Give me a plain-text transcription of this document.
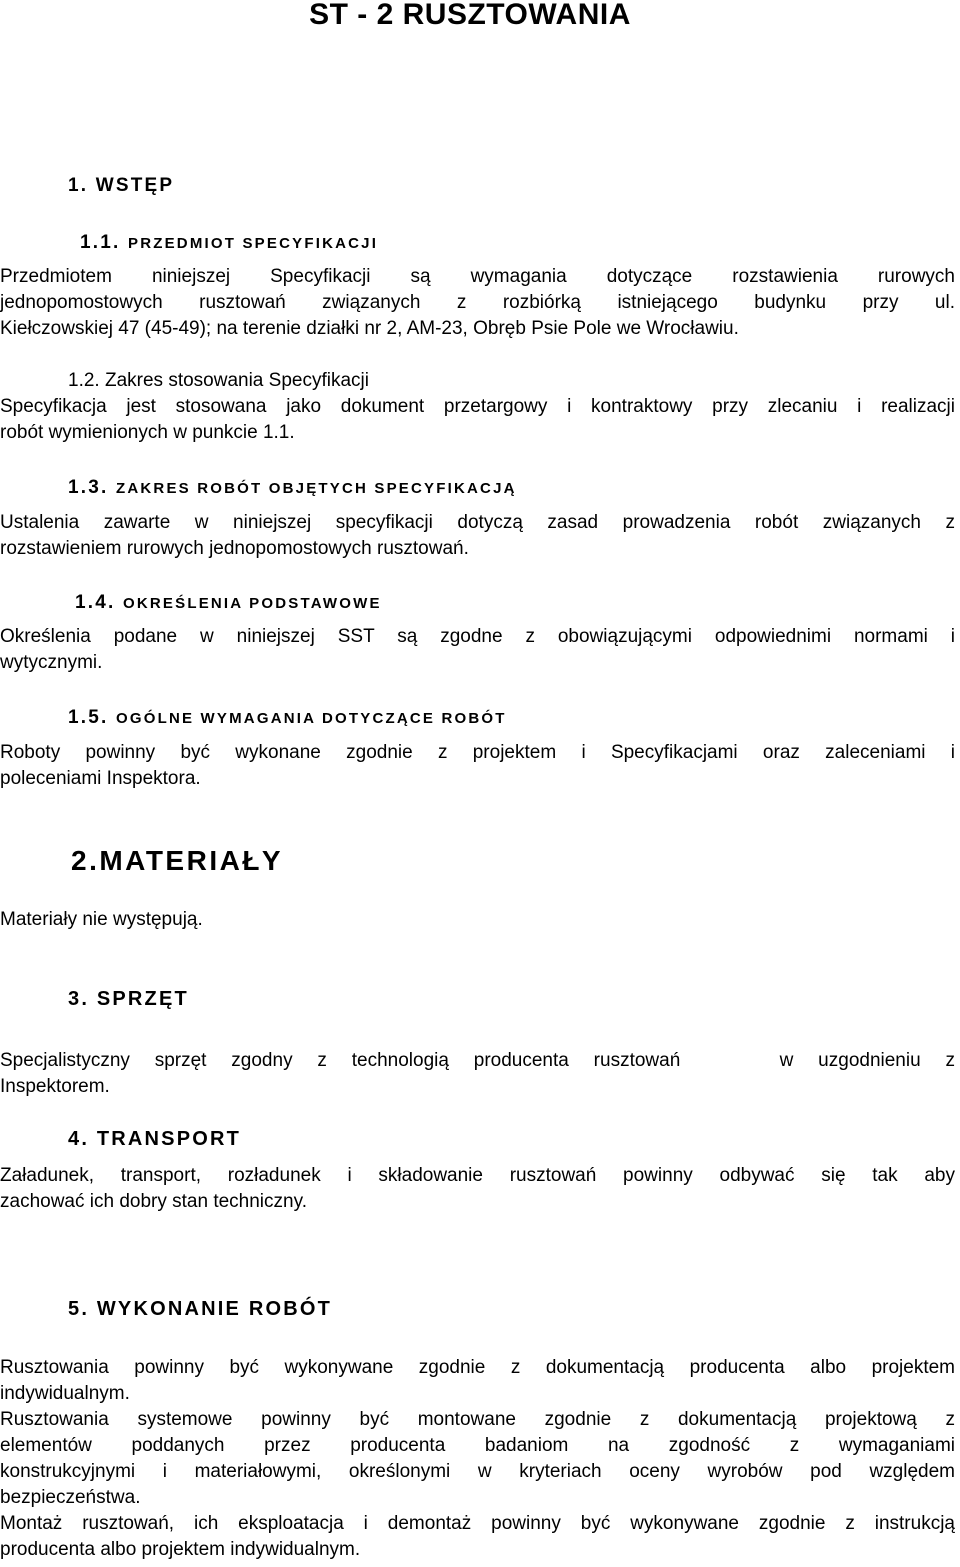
ST - 2 RUSZTOWANIA
1. WSTĘP
1.1. PRZEDMIOT SPECYFIKACJI

Przedmiotem niniejszej Specyfikacji są wymagania dotyczące rozstawienia rurowych

jednopomostowych rusztowań związanych z rozbiórką istniejącego budynku przy ul.

Kiełczowskiej 47 (45-49); na terenie działki nr 2, AM-23, Obręb Psie Pole we Wrocławiu.

1.2. Zakres stosowania Specyfikacji

Specyfikacja jest stosowana jako dokument przetargowy i kontraktowy przy zlecaniu i realizacji

robót wymienionych w punkcie 1.1.

1.3. ZAKRES ROBÓT OBJĘTYCH SPECYFIKACJĄ

Ustalenia zawarte w niniejszej specyfikacji dotyczą zasad prowadzenia robót związanych z

rozstawieniem rurowych jednopomostowych rusztowań.

1.4. OKREŚLENIA PODSTAWOWE

Określenia podane w niniejszej SST są zgodne z obowiązującymi odpowiednimi normami i

wytycznymi.

1.5. OGÓLNE WYMAGANIA DOTYCZĄCE ROBÓT

Roboty powinny być wykonane zgodnie z projektem i Specyfikacjami oraz zaleceniami i

poleceniami Inspektora.

2.MATERIAŁY

Materiały nie występują.

3. SPRZĘT

Specjalistyczny sprzęt zgodny z technologią producenta rusztowań    w uzgodnieniu z

Inspektorem.

4. TRANSPORT

Załadunek, transport, rozładunek i składowanie rusztowań powinny odbywać się tak aby

zachować ich dobry stan techniczny.

5. WYKONANIE ROBÓT

Rusztowania powinny być wykonywane zgodnie z dokumentacją producenta albo projektem

indywidualnym.

Rusztowania systemowe powinny być montowane zgodnie z dokumentacją projektową z

elementów poddanych przez producenta badaniom na zgodność z wymaganiami

konstrukcyjnymi i materiałowymi, określonymi w kryteriach oceny wyrobów pod względem

bezpieczeństwa.

Montaż rusztowań, ich eksploatacja i demontaż powinny być wykonywane zgodnie z instrukcją

producenta albo projektem indywidualnym.
